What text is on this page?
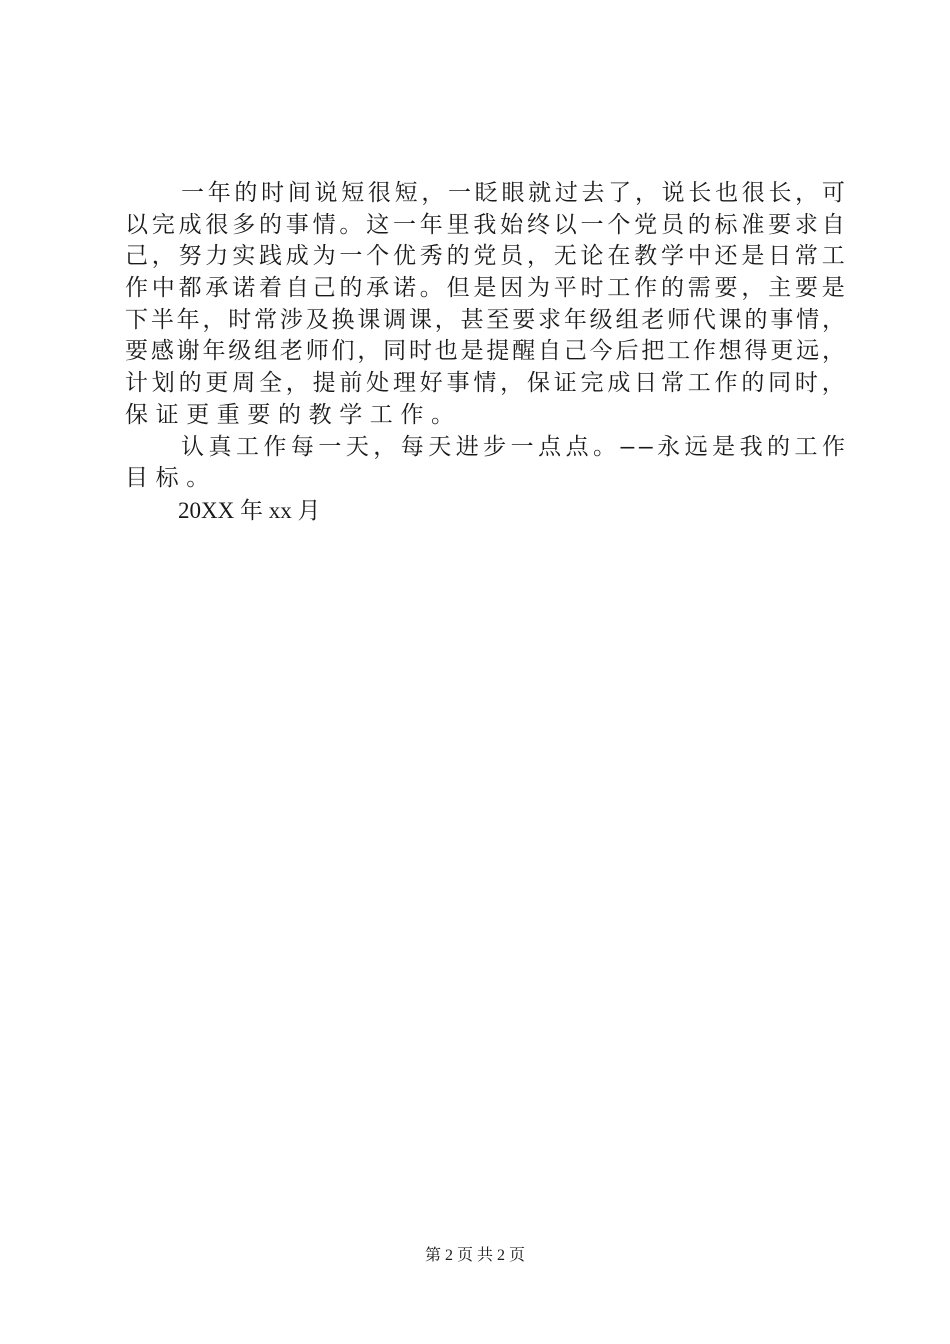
一 年 的 时 间 说 短 很 短 ， 一 眨 眼 就 过 去 了 ， 说 长 也 很 长 ， 可
以 完 成 很 多 的 事 情 。 这 一 年 里 我 始 终 以 一 个 党 员 的 标 准 要 求 自
己 ， 努 力 实 践 成 为 一 个 优 秀 的 党 员 ， 无 论 在 教 学 中 还 是 日 常 工
作 中 都 承 诺 着 自 己 的 承 诺 。 但 是 因 为 平 时 工 作 的 需 要 ， 主 要 是
下 半 年 ， 时 常 涉 及 换 课 调 课 ， 甚 至 要 求 年 级 组 老 师 代 课 的 事 情 ，
要 感 谢 年 级 组 老 师 们 ， 同 时 也 是 提 醒 自 己 今 后 把 工 作 想 得 更 远 ，
计 划 的 更 周 全 ， 提 前 处 理 好 事 情 ， 保 证 完 成 日 常 工 作 的 同 时 ，
保证更重要的教学工作。
认 真 工 作 每 一 天 ， 每 天 进 步 一 点 点 。 — — 永 远 是 我 的 工 作
目标。
20XX 年 xx 月
第 2 页 共 2 页
